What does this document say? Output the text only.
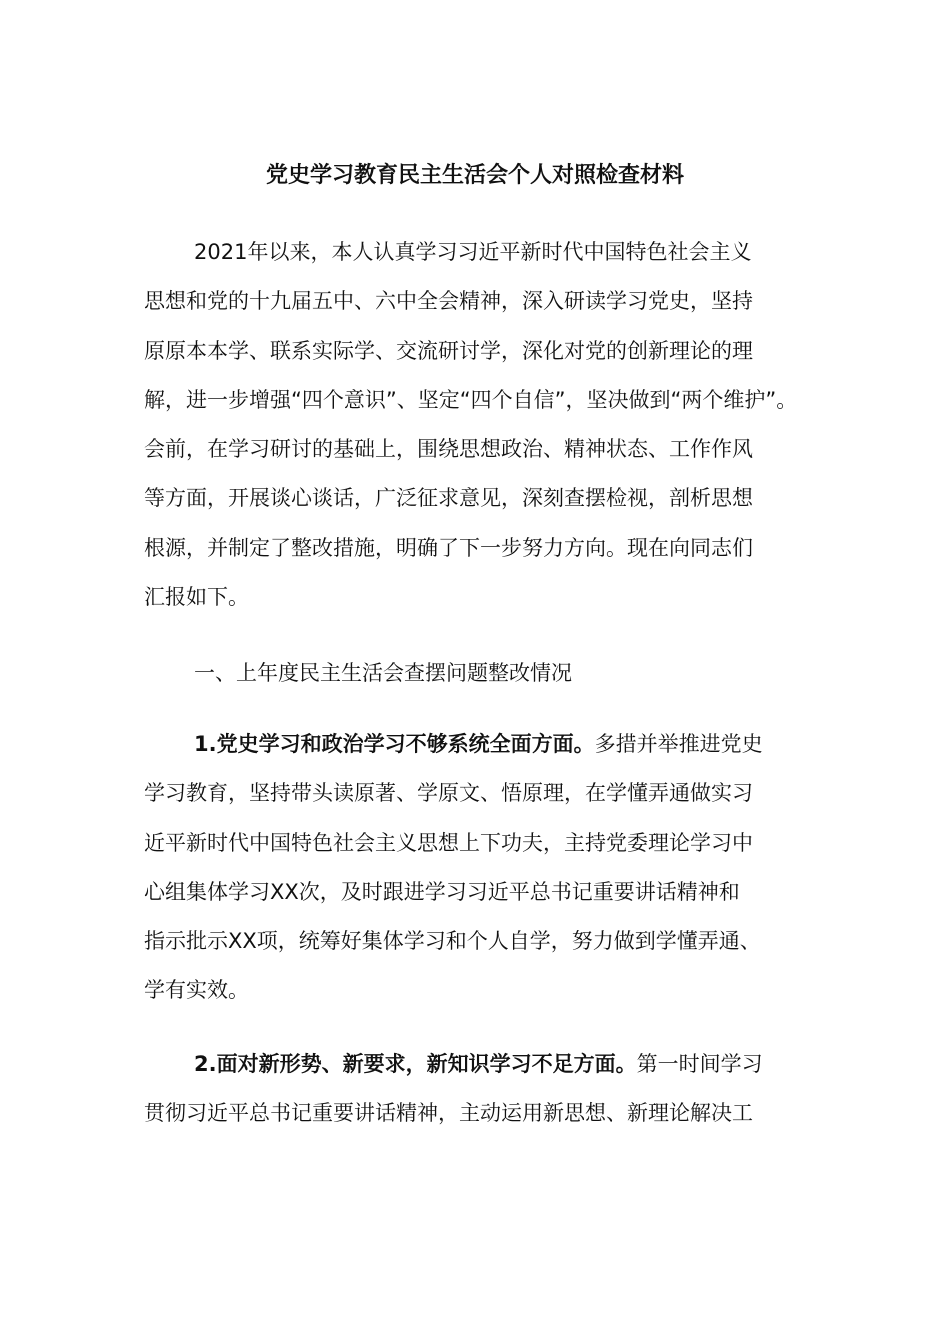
党史学习教育民主生活会个人对照检查材料
2021年以来，本人认真学习习近平新时代中国特色社会主义
思想和党的十九届五中、六中全会精神，深入研读学习党史，坚持
原原本本学、联系实际学、交流研讨学，深化对党的创新理论的理
解，进一步增强“四个意识”、坚定“四个自信”，坚决做到“两个维护”。
会前，在学习研讨的基础上，围绕思想政治、精神状态、工作作风
等方面，开展谈心谈话，广泛征求意见，深刻查摆检视，剖析思想
根源，并制定了整改措施，明确了下一步努力方向。现在向同志们
汇报如下。
一、上年度民主生活会查摆问题整改情况
1.党史学习和政治学习不够系统全面方面。多措并举推进党史
学习教育，坚持带头读原著、学原文、悟原理，在学懂弄通做实习
近平新时代中国特色社会主义思想上下功夫，主持党委理论学习中
心组集体学习XX次，及时跟进学习习近平总书记重要讲话精神和
指示批示XX项，统筹好集体学习和个人自学，努力做到学懂弄通、
学有实效。
2.面对新形势、新要求，新知识学习不足方面。第一时间学习
贯彻习近平总书记重要讲话精神，主动运用新思想、新理论解决工
